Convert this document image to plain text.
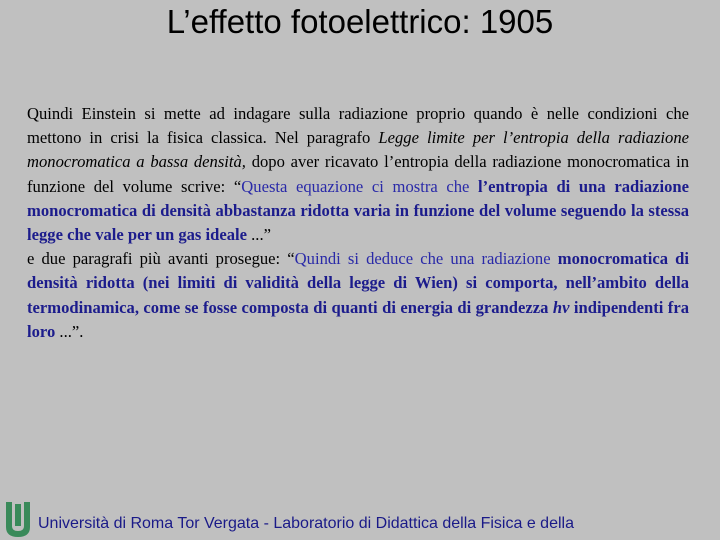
L’effetto fotoelettrico: 1905

Quindi Einstein si mette ad indagare sulla radiazione proprio quando è nelle condizioni che mettono in crisi la fisica classica. Nel paragrafo Legge limite per l’entropia della radiazione monocromatica a bassa densità, dopo aver ricavato l’entropia della radiazione monocromatica in funzione del volume scrive: “Questa equazione ci mostra che l’entropia di una radiazione monocromatica di densità abbastanza ridotta varia in funzione del volume seguendo la stessa legge che vale per un gas ideale ...”

e due paragrafi più avanti prosegue: “Quindi si deduce che una radiazione monocromatica di densità ridotta (nei limiti di validità della legge di Wien) si comporta, nell’ambito della termodinamica, come se fosse composta di quanti di energia di grandezza hν indipendenti fra loro ...”.

Università di Roma Tor Vergata - Laboratorio di Didattica della Fisica e della
